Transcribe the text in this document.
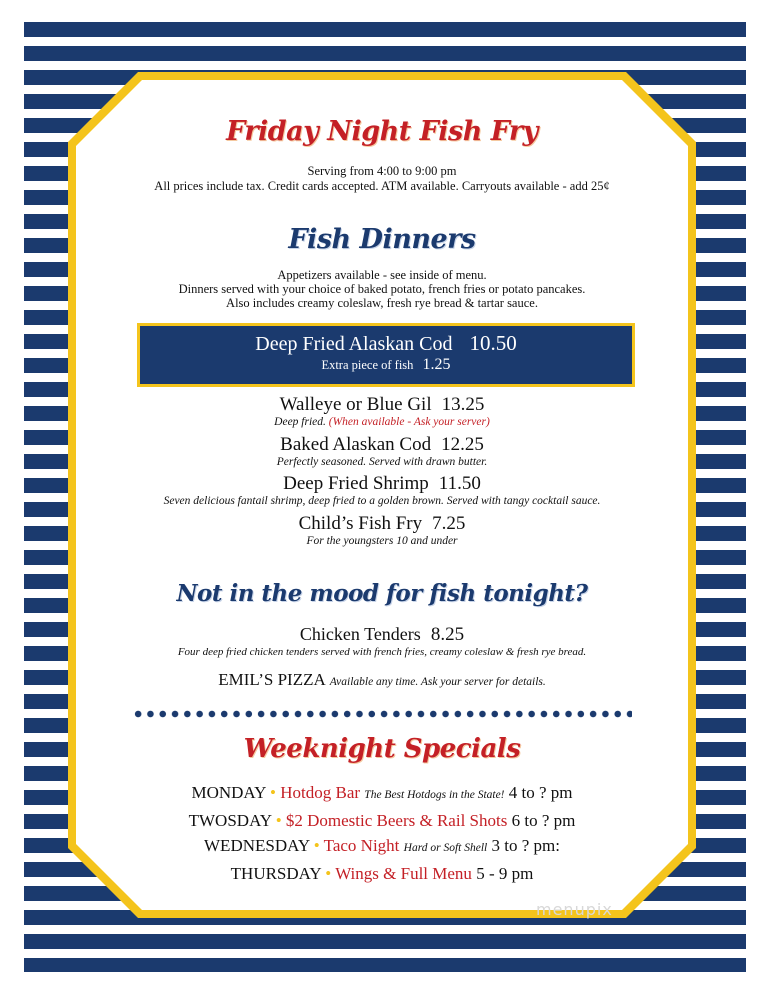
Friday Night Fish Fry
Serving from 4:00 to 9:00 pm
All prices include tax. Credit cards accepted. ATM available. Carryouts available - add 25¢
Fish Dinners
Appetizers available - see inside of menu.
Dinners served with your choice of baked potato, french fries or potato pancakes.
Also includes creamy coleslaw, fresh rye bread & tartar sauce.
Deep Fried Alaskan Cod 10.50
Extra piece of fish 1.25
Walleye or Blue Gil 13.25
Deep fried. (When available - Ask your server)
Baked Alaskan Cod 12.25
Perfectly seasoned. Served with drawn butter.
Deep Fried Shrimp 11.50
Seven delicious fantail shrimp, deep fried to a golden brown. Served with tangy cocktail sauce.
Child’s Fish Fry 7.25
For the youngsters 10 and under
Not in the mood for fish tonight?
Chicken Tenders 8.25
Four deep fried chicken tenders served with french fries, creamy coleslaw & fresh rye bread.
EMIL’S PIZZA Available any time. Ask your server for details.
Weeknight Specials
MONDAY • Hotdog Bar The Best Hotdogs in the State! 4 to ? pm
TWOSDAY • $2 Domestic Beers & Rail Shots 6 to ? pm
WEDNESDAY • Taco Night Hard or Soft Shell 3 to ? pm:
THURSDAY • Wings & Full Menu 5 - 9 pm
menupix
